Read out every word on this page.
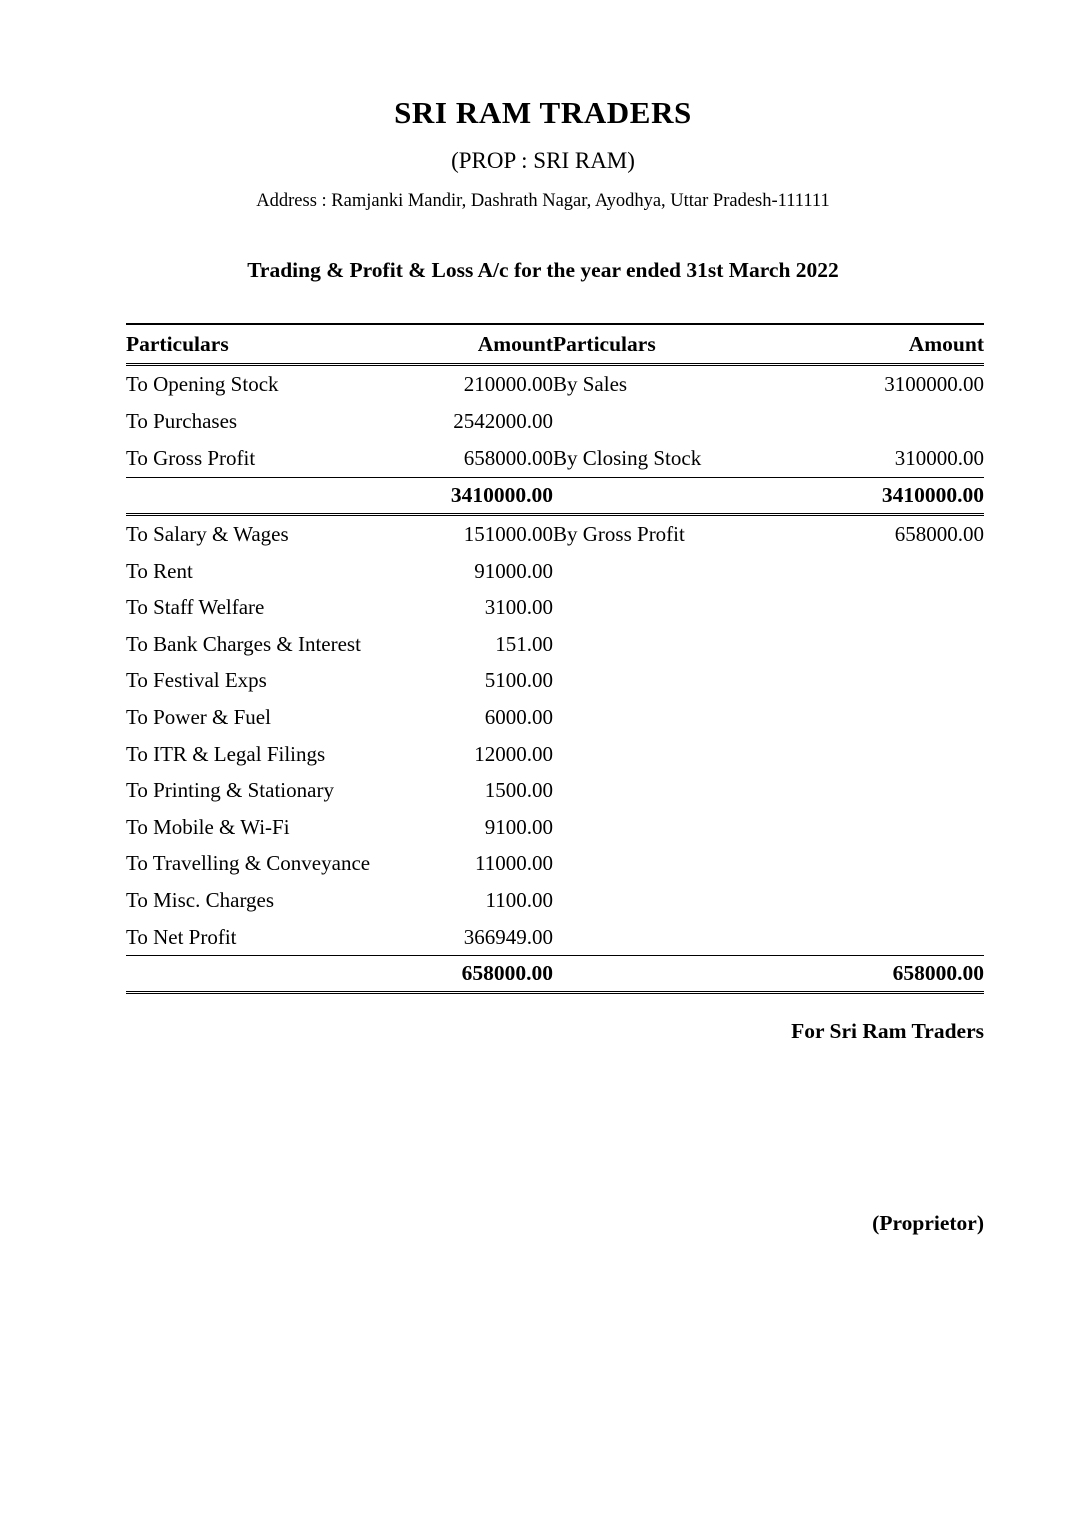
SRI RAM TRADERS
(PROP : SRI RAM)
Address : Ramjanki Mandir, Dashrath Nagar, Ayodhya, Uttar Pradesh-111111
Trading & Profit & Loss A/c for the year ended 31st March 2022
Particulars	Amount	Particulars	Amount
To Opening Stock	210000.00	By Sales	3100000.00
To Purchases	2542000.00		
To Gross Profit	658000.00	By Closing Stock	310000.00
	3410000.00		3410000.00
To Salary & Wages	151000.00	By Gross Profit	658000.00
To Rent	91000.00		
To Staff Welfare	3100.00		
To Bank Charges & Interest	151.00		
To Festival Exps	5100.00		
To Power & Fuel	6000.00		
To ITR & Legal Filings	12000.00		
To Printing & Stationary	1500.00		
To Mobile & Wi-Fi	9100.00		
To Travelling & Conveyance	11000.00		
To Misc. Charges	1100.00		
To Net Profit	366949.00		
	658000.00		658000.00
For Sri Ram Traders
(Proprietor)
